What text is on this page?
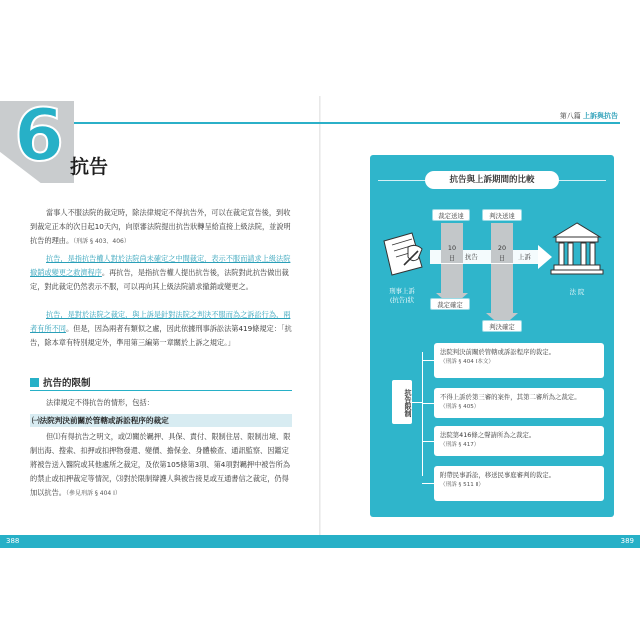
第八篇 上訴與抗告
6 抗告
當事人不服法院的裁定時，除法律規定不得抗告外，可以在裁定宣告後，到收到裁定正本的次日起10天內，向原審法院提出抗告狀轉呈給直接上級法院，並說明抗告的理由。（刑訴 § 403、406）
抗告，是指抗告權人對於法院尚未確定之中間裁定，表示不服而請求上級法院撤銷或變更之救濟程序。再抗告，是指抗告權人提出抗告後，法院對此抗告做出裁定，對此裁定仍然表示不服，可以再向其上級法院請求撤銷或變更之。
抗告，是對於法院之裁定，與上訴是針對法院之判決不服而為之訴訟行為，兩者有所不同。但是，因為兩者有類似之處，因此依據刑事訴訟法第419條規定：「抗告，除本章有特別規定外，準用第三編第一章關於上訴之規定。」
抗告的限制
法律規定不得抗告的情形，包括：
㈠法院判決前關於管轄或訴訟程序的裁定
但⑴有得抗告之明文，或⑵關於羈押、具保、責付、限制住居、限制出境、限制出海、搜索、扣押或扣押物發還、變價、擔保金、身體檢查、通訊監察、因鑑定將被告送入醫院或其他處所之裁定，及依第105條第3項、第4項對羈押中被告所為的禁止或扣押裁定等情況，⑶對於限制辯護人與被告接見或互通書信之裁定，仍得加以抗告。（參見刑訴 § 404 Ⅰ）
388	389
抗告與上訴期間的比較
裁定送達	判決送達
10
日
20
日
抗告	上訴
裁定確定
判決確定
刑事上訴
(抗告)狀
法 院
抗告限制
法院判決前關於管轄或訴訟程序的裁定。
（刑訴 § 404 Ⅰ本文）
不得上訴於第三審的案件，其第二審所為之裁定。
（刑訴 § 405）
法院第416條之聲請所為之裁定。
（刑訴 § 417）
附帶民事訴訟，移送民事庭審判的裁定。
（刑訴 § 511 Ⅱ）
